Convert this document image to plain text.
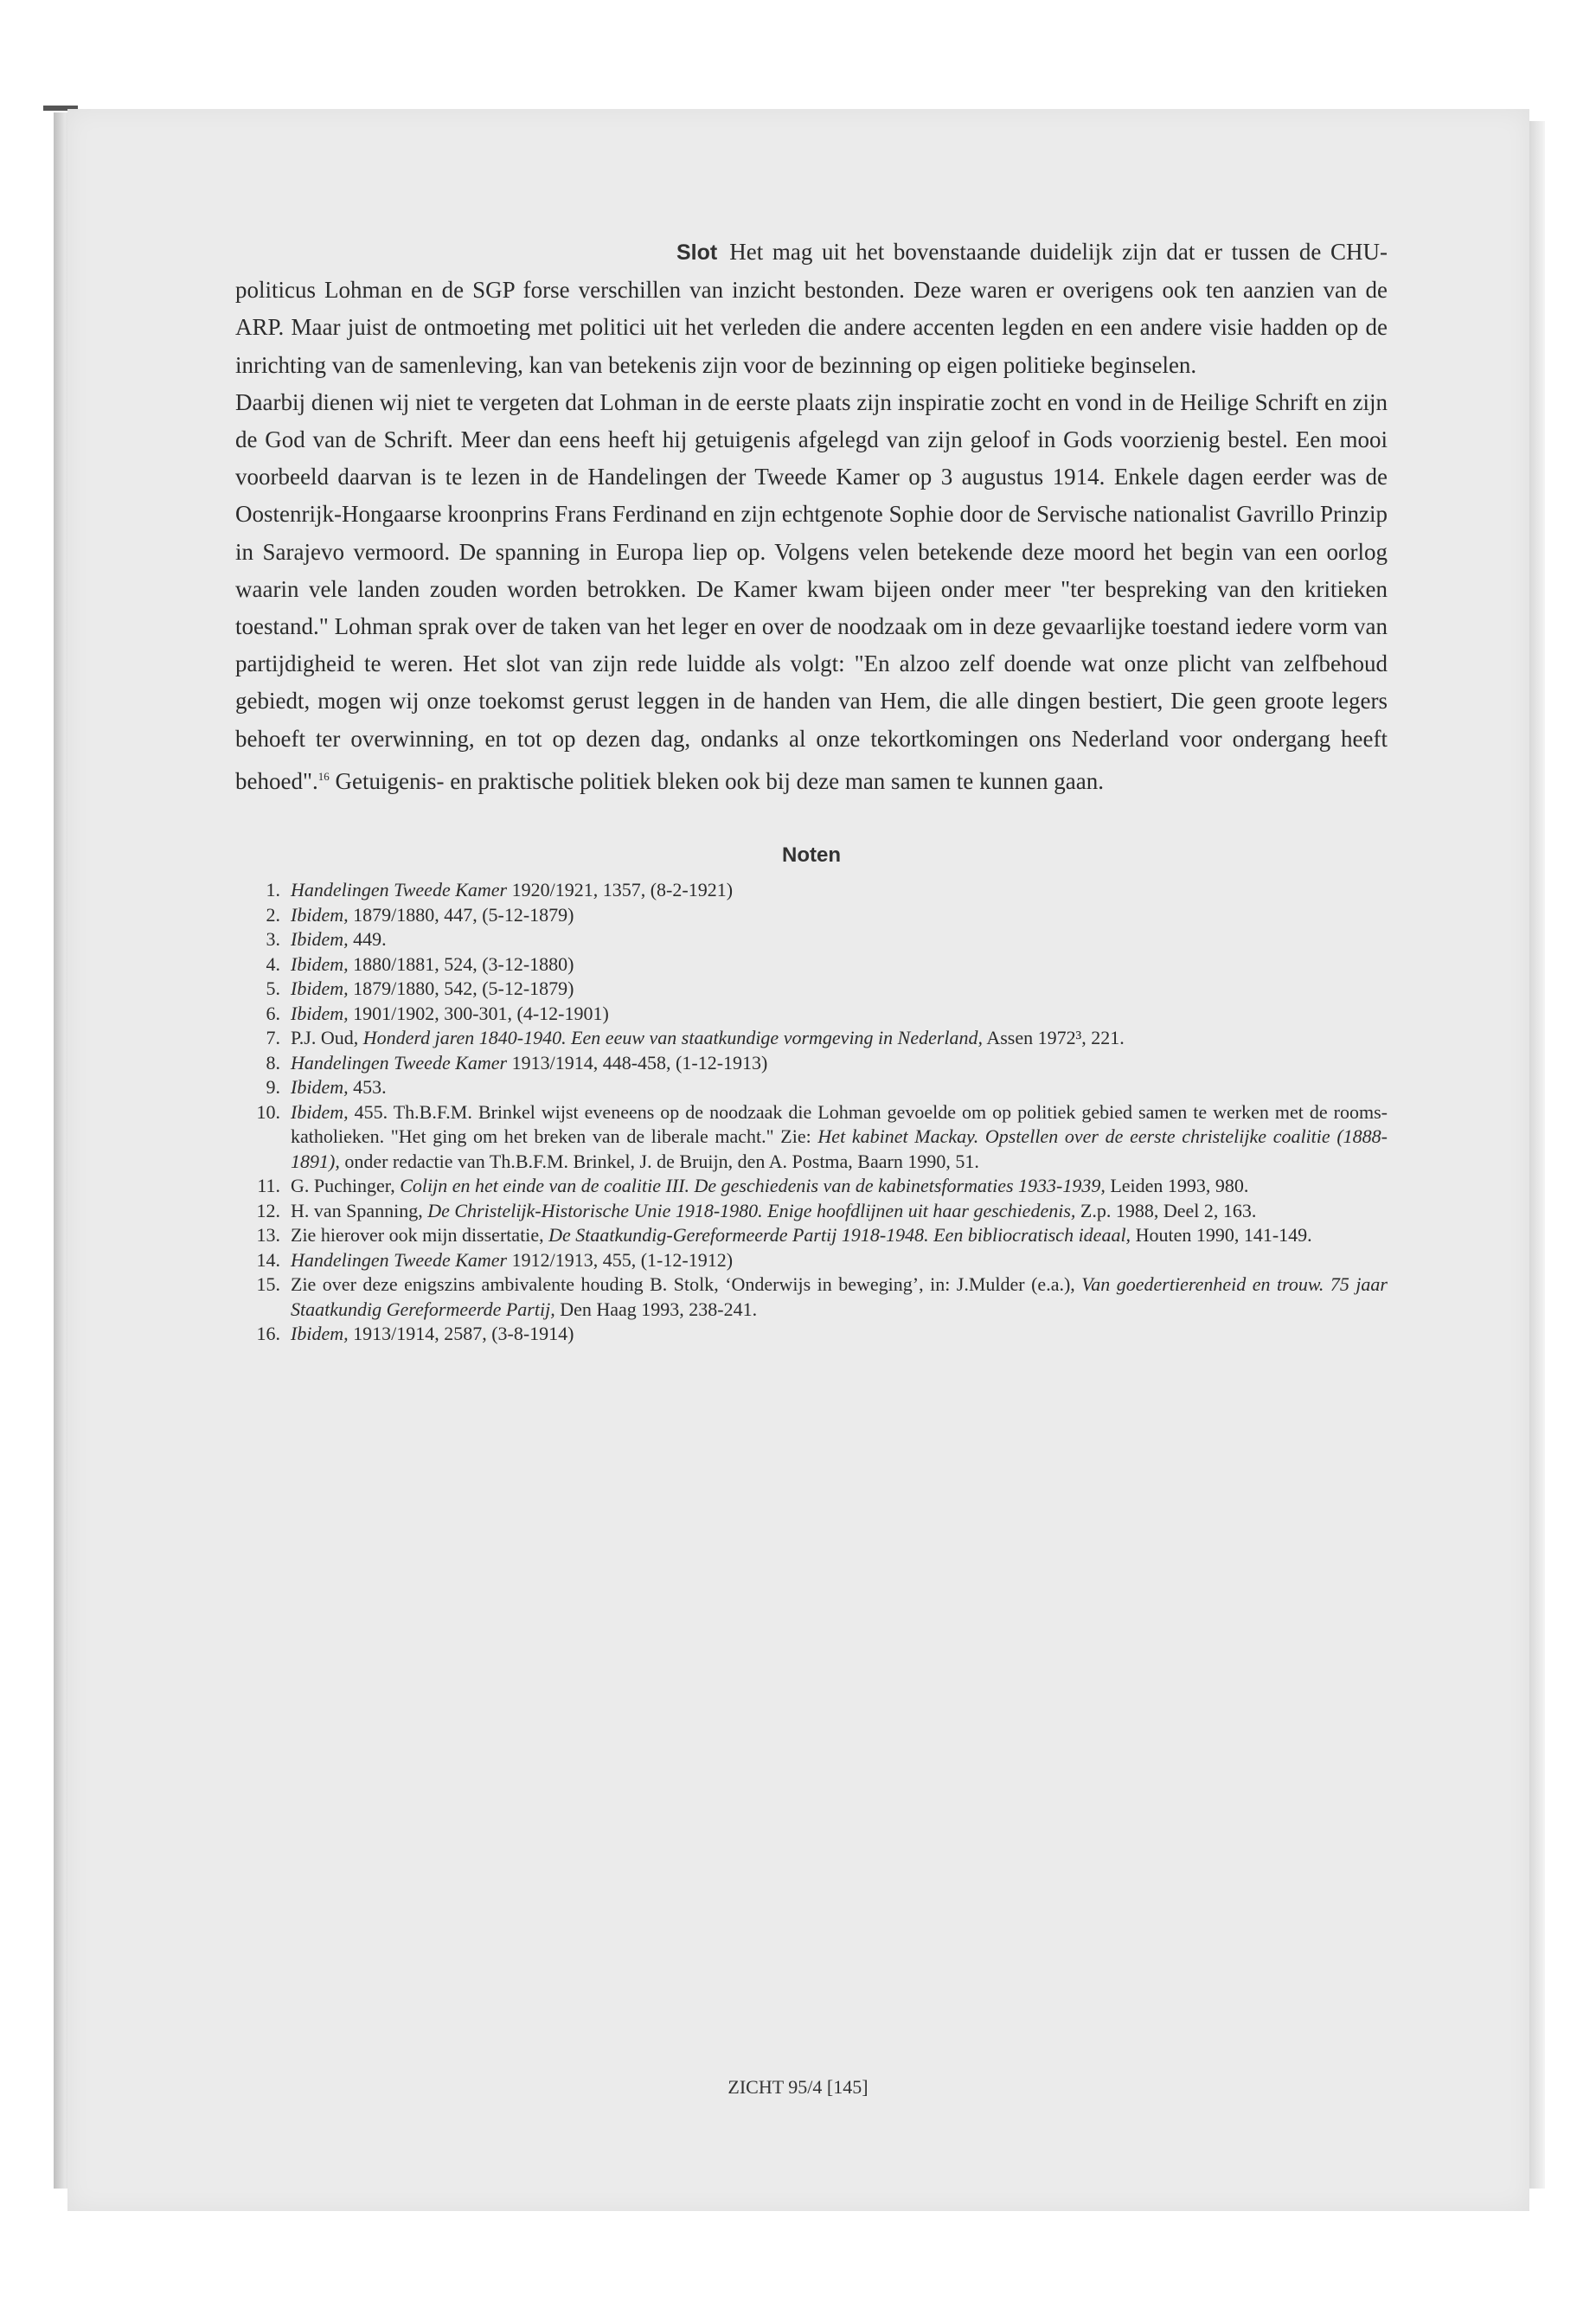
Slot Het mag uit het bovenstaande duidelijk zijn dat er tussen de CHU-politicus Lohman en de SGP forse verschillen van inzicht bestonden. Deze waren er overigens ook ten aanzien van de ARP. Maar juist de ontmoeting met politici uit het verleden die andere accenten legden en een andere visie hadden op de inrichting van de samenleving, kan van betekenis zijn voor de bezinning op eigen politieke beginselen.

Daarbij dienen wij niet te vergeten dat Lohman in de eerste plaats zijn inspiratie zocht en vond in de Heilige Schrift en zijn de God van de Schrift. Meer dan eens heeft hij getuigenis afgelegd van zijn geloof in Gods voorzienig bestel. Een mooi voorbeeld daarvan is te lezen in de Handelingen der Tweede Kamer op 3 augustus 1914. Enkele dagen eerder was de Oostenrijk-Hongaarse kroonprins Frans Ferdinand en zijn echtgenote Sophie door de Servische nationalist Gavrillo Prinzip in Sarajevo vermoord. De spanning in Europa liep op. Volgens velen betekende deze moord het begin van een oorlog waarin vele landen zouden worden betrokken. De Kamer kwam bijeen onder meer "ter bespreking van den kritieken toestand." Lohman sprak over de taken van het leger en over de noodzaak om in deze gevaarlijke toestand iedere vorm van partijdigheid te weren. Het slot van zijn rede luidde als volgt: "En alzoo zelf doende wat onze plicht van zelfbehoud gebiedt, mogen wij onze toekomst gerust leggen in de handen van Hem, die alle dingen bestiert, Die geen groote legers behoeft ter overwinning, en tot op dezen dag, ondanks al onze tekortkomingen ons Nederland voor ondergang heeft behoed".$^{16}$ Getuigenis- en praktische politiek bleken ook bij deze man samen te kunnen gaan.

Noten
1. Handelingen Tweede Kamer 1920/1921, 1357, (8-2-1921)
2. Ibidem, 1879/1880, 447, (5-12-1879)
3. Ibidem, 449.
4. Ibidem, 1880/1881, 524, (3-12-1880)
5. Ibidem, 1879/1880, 542, (5-12-1879)
6. Ibidem, 1901/1902, 300-301, (4-12-1901)
7. P.J. Oud, Honderd jaren 1840-1940. Een eeuw van staatkundige vormgeving in Nederland, Assen 1972³, 221.
8. Handelingen Tweede Kamer 1913/1914, 448-458, (1-12-1913)
9. Ibidem, 453.
10. Ibidem, 455. Th.B.F.M. Brinkel wijst eveneens op de noodzaak die Lohman gevoelde om op politiek gebied samen te werken met de rooms-katholieken. "Het ging om het breken van de liberale macht." Zie: Het kabinet Mackay. Opstellen over de eerste christelijke coalitie (1888-1891), onder redactie van Th.B.F.M. Brinkel, J. de Bruijn, den A. Postma, Baarn 1990, 51.
11. G. Puchinger, Colijn en het einde van de coalitie III. De geschiedenis van de kabinetsformaties 1933-1939, Leiden 1993, 980.
12. H. van Spanning, De Christelijk-Historische Unie 1918-1980. Enige hoofdlijnen uit haar geschiedenis, Z.p. 1988, Deel 2, 163.
13. Zie hierover ook mijn dissertatie, De Staatkundig-Gereformeerde Partij 1918-1948. Een bibliocratisch ideaal, Houten 1990, 141-149.
14. Handelingen Tweede Kamer 1912/1913, 455, (1-12-1912)
15. Zie over deze enigszins ambivalente houding B. Stolk, ‘Onderwijs in beweging’, in: J.Mulder (e.a.), Van goedertierenheid en trouw. 75 jaar Staatkundig Gereformeerde Partij, Den Haag 1993, 238-241.
16. Ibidem, 1913/1914, 2587, (3-8-1914)
ZICHT 95/4 [145]
